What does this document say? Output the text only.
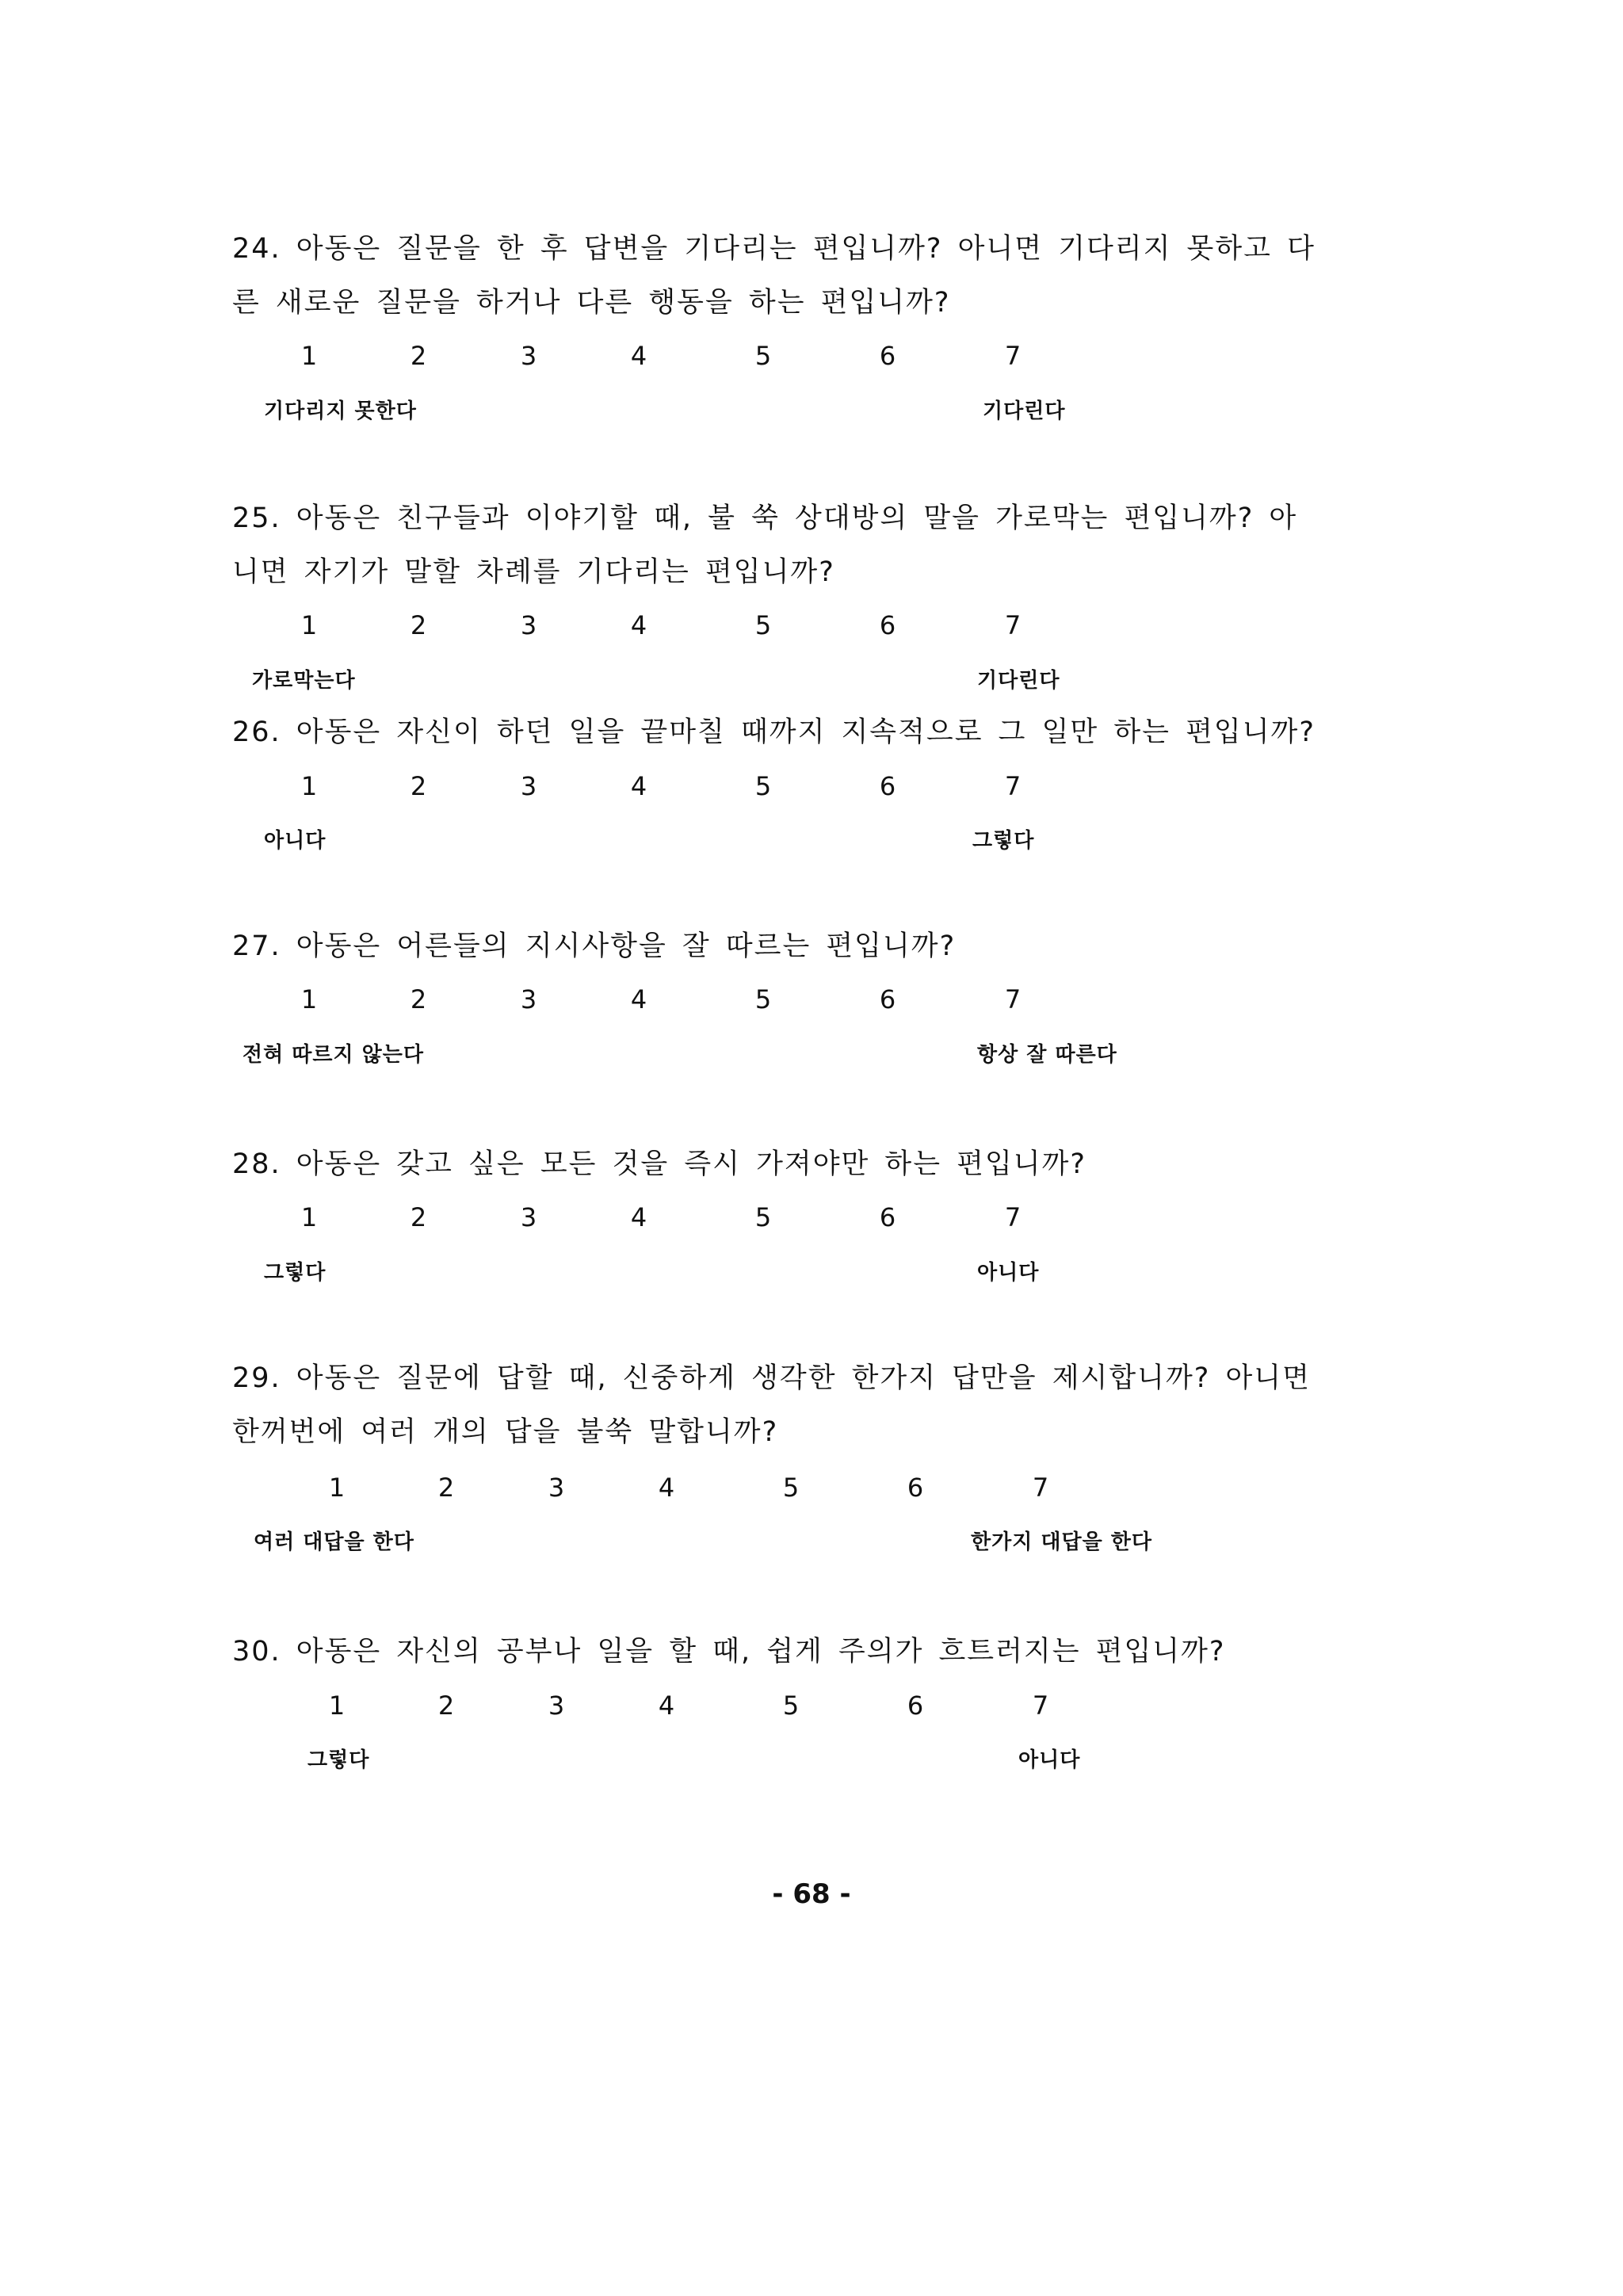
24. 아동은 질문을 한 후 답변을 기다리는 편입니까? 아니면 기다리지 못하고 다른 새로운 질문을 하거나 다른 행동을 하는 편입니까?
1	2	3	4	5	6	7
기다리지 못한다	기다린다
25. 아동은 친구들과 이야기할 때, 불 쑥 상대방의 말을 가로막는 편입니까? 아니면 자기가 말할 차례를 기다리는 편입니까?
1	2	3	4	5	6	7
가로막는다	기다린다
26. 아동은 자신이 하던 일을 끝마칠 때까지 지속적으로 그 일만 하는 편입니까?
1	2	3	4	5	6	7
아니다	그렇다
27. 아동은 어른들의 지시사항을 잘 따르는 편입니까?
1	2	3	4	5	6	7
전혀 따르지 않는다	항상 잘 따른다
28. 아동은 갖고 싶은 모든 것을 즉시 가져야만 하는 편입니까?
1	2	3	4	5	6	7
그렇다	아니다
29. 아동은 질문에 답할 때, 신중하게 생각한 한가지 답만을 제시합니까? 아니면 한꺼번에 여러 개의 답을 불쑥 말합니까?
1	2	3	4	5	6	7
여러 대답을 한다	한가지 대답을 한다
30. 아동은 자신의 공부나 일을 할 때, 쉽게 주의가 흐트러지는 편입니까?
1	2	3	4	5	6	7
그렇다	아니다
- 68 -
